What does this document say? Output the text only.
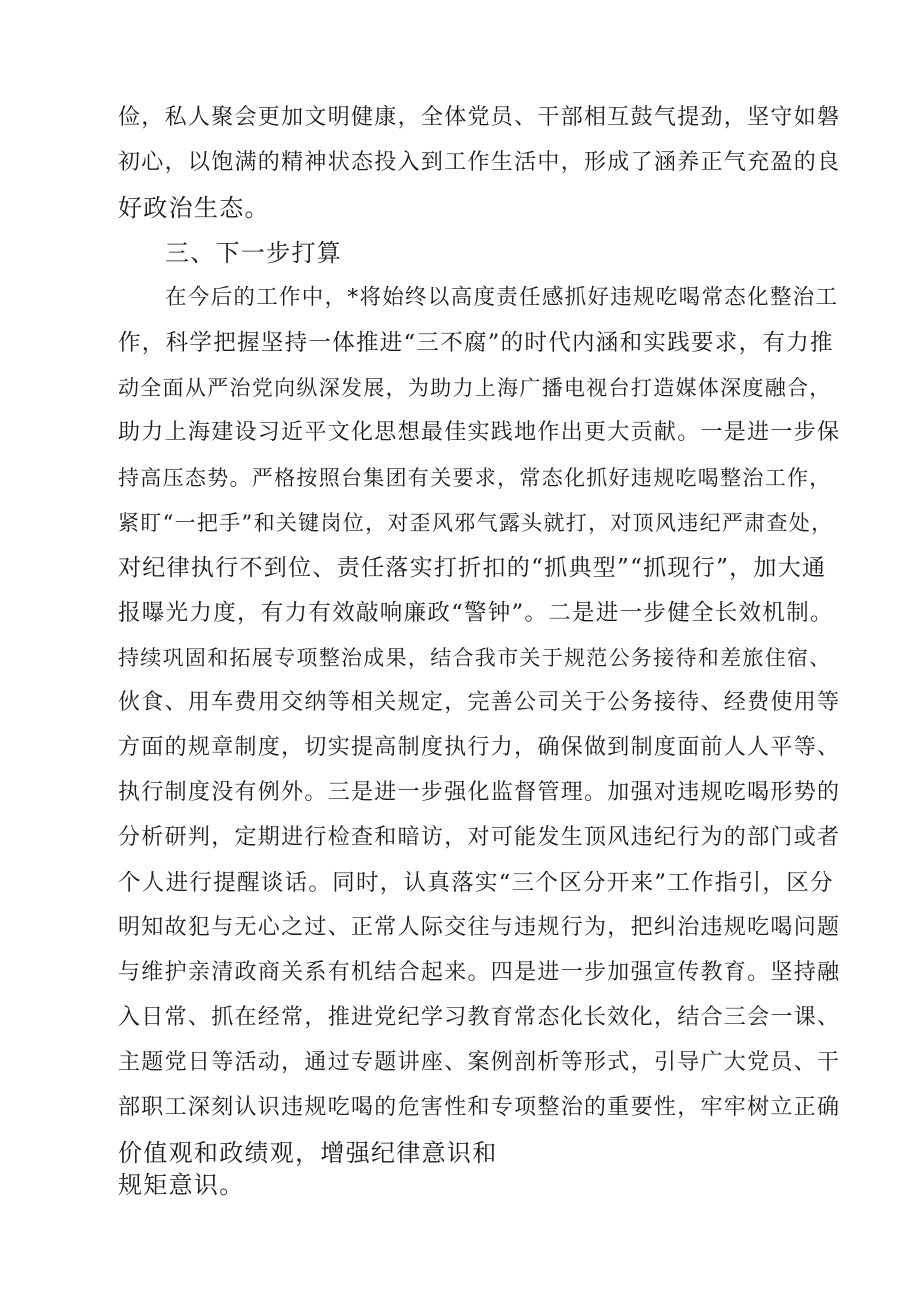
俭，私人聚会更加文明健康，全体党员、干部相互鼓气提劲，坚守如磐
初心，以饱满的精神状态投入到工作生活中，形成了涵养正气充盈的良
好政治生态。
三、下一步打算
在今后的工作中，*将始终以高度责任感抓好违规吃喝常态化整治工
作，科学把握坚持一体推进“三不腐”的时代内涵和实践要求，有力推
动全面从严治党向纵深发展，为助力上海广播电视台打造媒体深度融合，
助力上海建设习近平文化思想最佳实践地作出更大贡献。一是进一步保
持高压态势。严格按照台集团有关要求，常态化抓好违规吃喝整治工作，
紧盯“一把手”和关键岗位，对歪风邪气露头就打，对顶风违纪严肃查处，
对纪律执行不到位、责任落实打折扣的“抓典型”“抓现行”，加大通
报曝光力度，有力有效敲响廉政“警钟”。二是进一步健全长效机制。
持续巩固和拓展专项整治成果，结合我市关于规范公务接待和差旅住宿、
伙食、用车费用交纳等相关规定，完善公司关于公务接待、经费使用等
方面的规章制度，切实提高制度执行力，确保做到制度面前人人平等、
执行制度没有例外。三是进一步强化监督管理。加强对违规吃喝形势的
分析研判，定期进行检查和暗访，对可能发生顶风违纪行为的部门或者
个人进行提醒谈话。同时，认真落实“三个区分开来”工作指引，区分
明知故犯与无心之过、正常人际交往与违规行为，把纠治违规吃喝问题
与维护亲清政商关系有机结合起来。四是进一步加强宣传教育。坚持融
入日常、抓在经常，推进党纪学习教育常态化长效化，结合三会一课、
主题党日等活动，通过专题讲座、案例剖析等形式，引导广大党员、干
部职工深刻认识违规吃喝的危害性和专项整治的重要性，牢牢树立正确
价值观和政绩观，增强纪律意识和
规矩意识。
